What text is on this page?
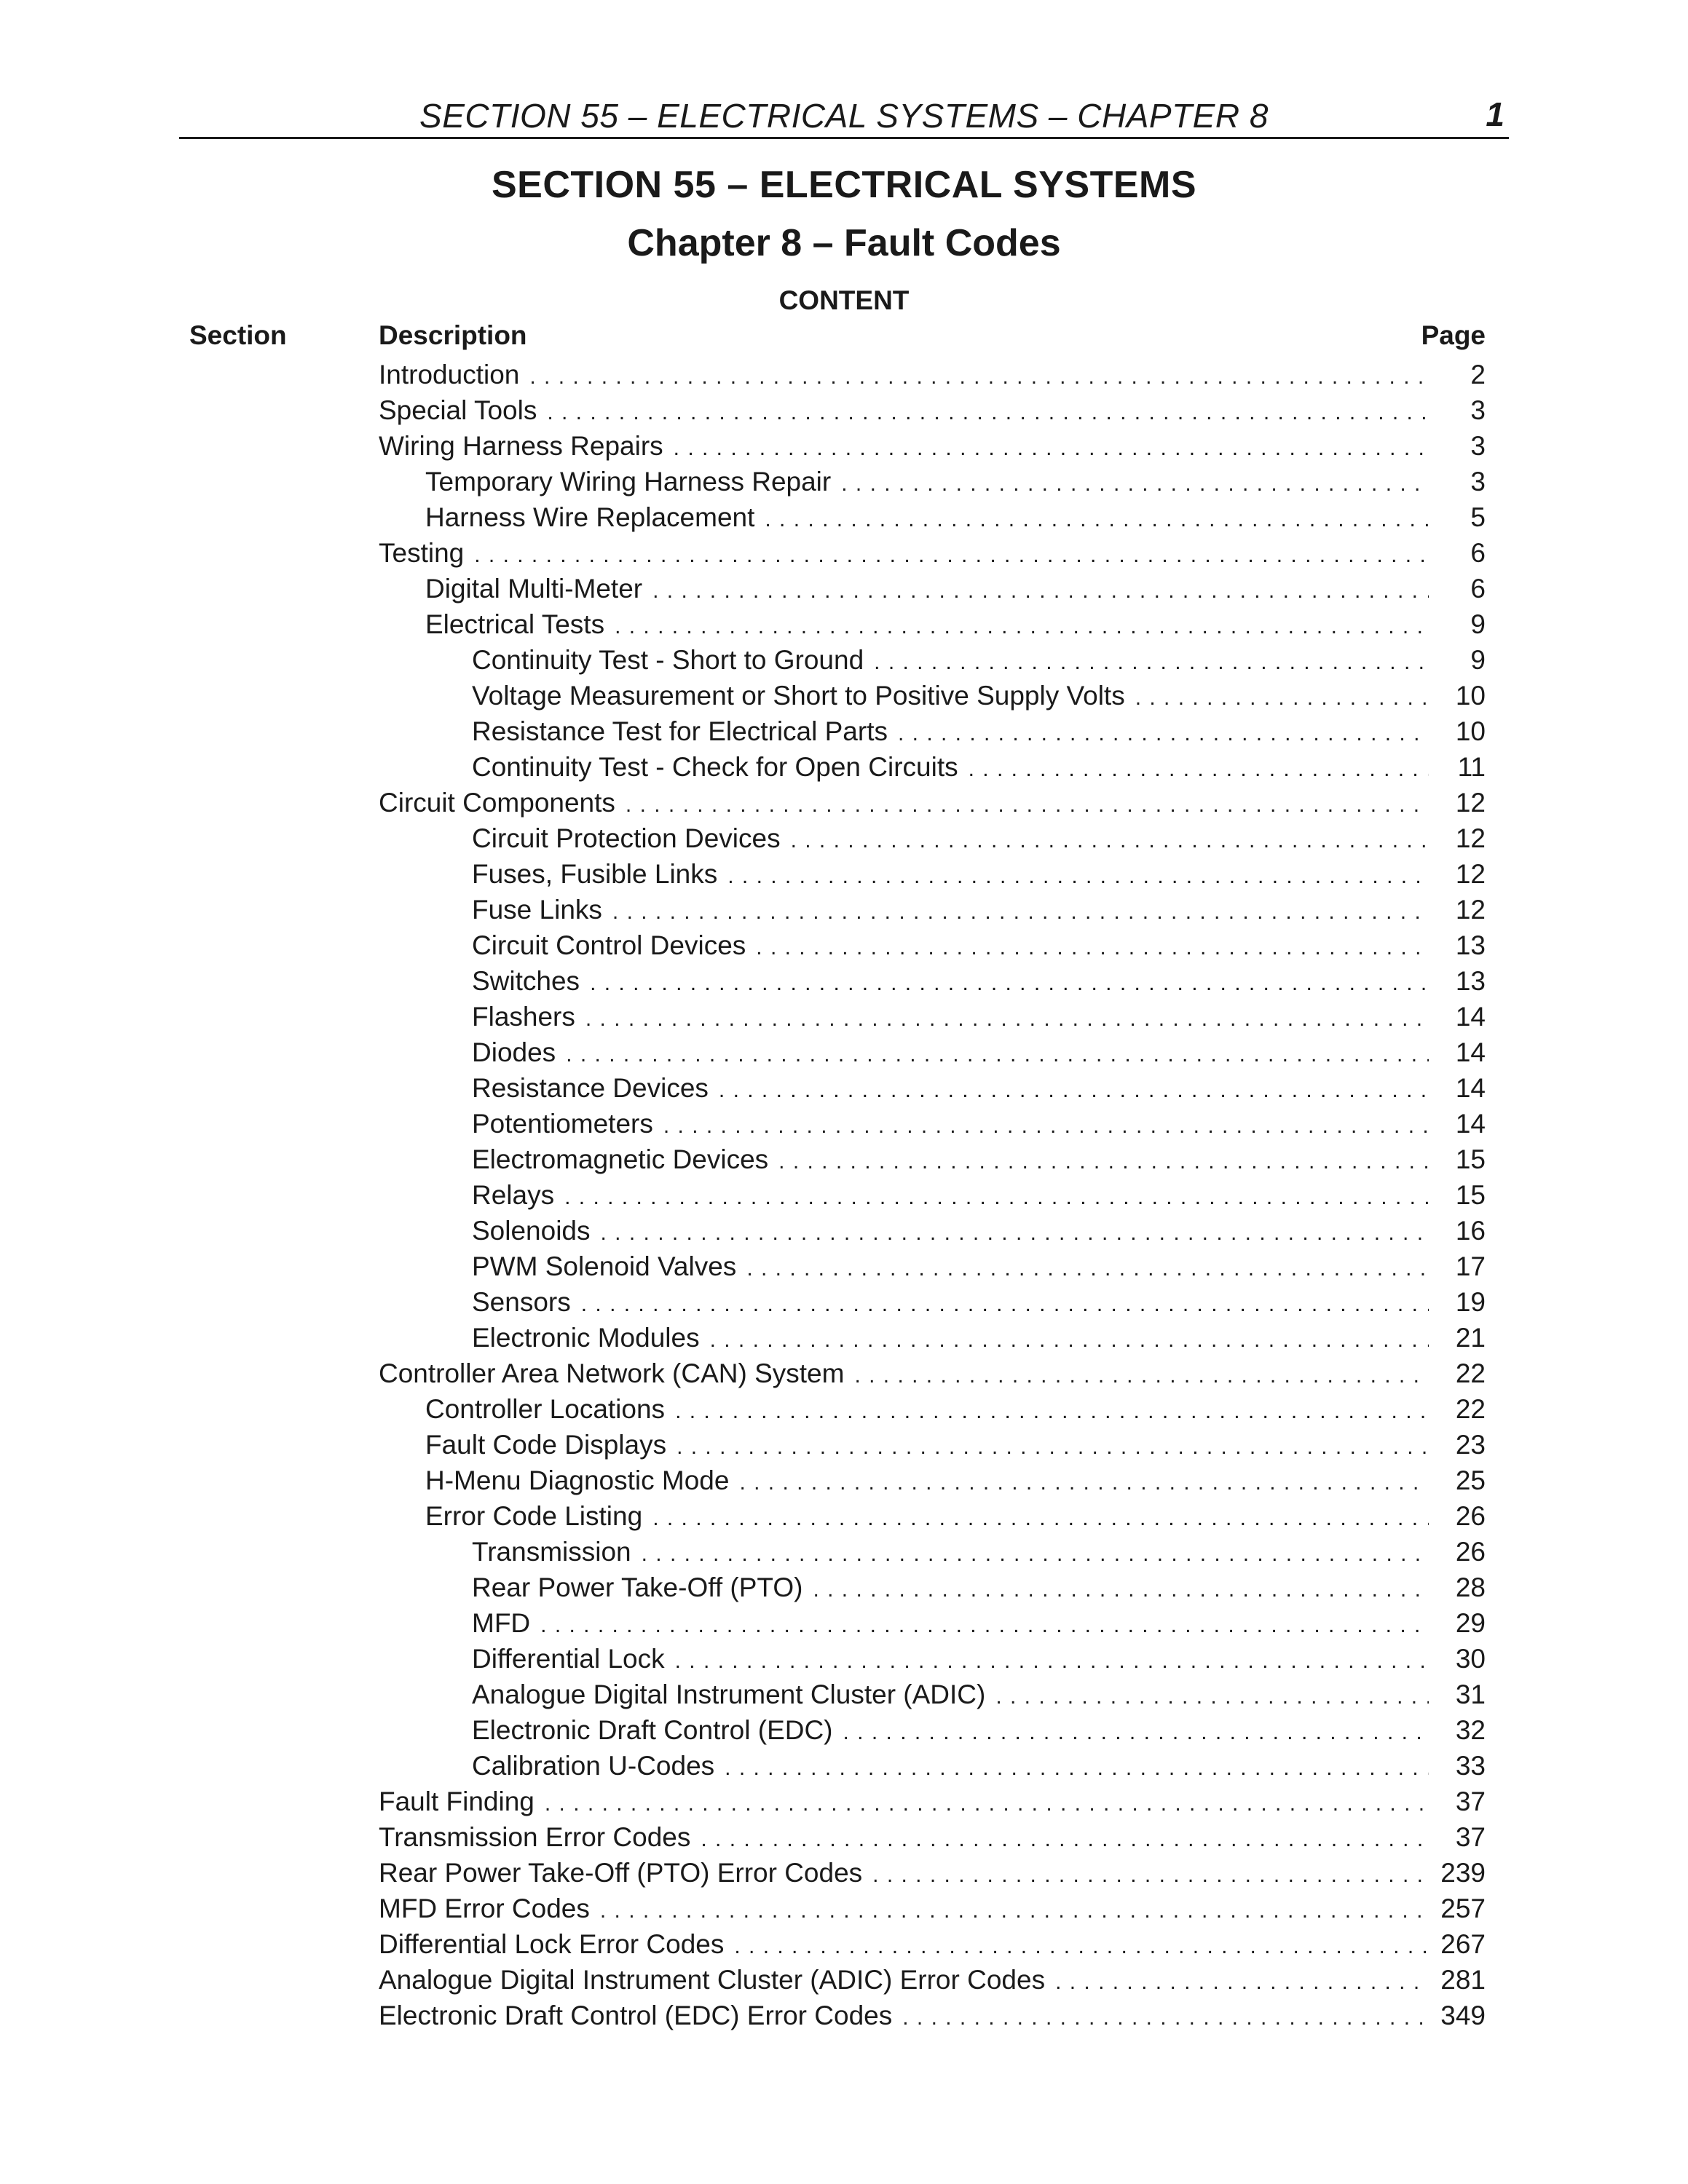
SECTION 55 – ELECTRICAL SYSTEMS – CHAPTER 8	1
SECTION 55 – ELECTRICAL SYSTEMS
Chapter 8 – Fault Codes
CONTENT
Section	Description	Page
Introduction . . .	2
Special Tools . . .	3
Wiring Harness Repairs . . .	3
Temporary Wiring Harness Repair . . .	3
Harness Wire Replacement . . .	5
Testing . . .	6
Digital Multi-Meter . . .	6
Electrical Tests . . .	9
Continuity Test - Short to Ground . . .	9
Voltage Measurement or Short to Positive Supply Volts . . .	10
Resistance Test for Electrical Parts . . .	10
Continuity Test - Check for Open Circuits . . .	11
Circuit Components . . .	12
Circuit Protection Devices . . .	12
Fuses, Fusible Links . . .	12
Fuse Links . . .	12
Circuit Control Devices . . .	13
Switches . . .	13
Flashers . . .	14
Diodes . . .	14
Resistance Devices . . .	14
Potentiometers . . .	14
Electromagnetic Devices . . .	15
Relays . . .	15
Solenoids . . .	16
PWM Solenoid Valves . . .	17
Sensors . . .	19
Electronic Modules . . .	21
Controller Area Network (CAN) System . . .	22
Controller Locations . . .	22
Fault Code Displays . . .	23
H-Menu Diagnostic Mode . . .	25
Error Code Listing . . .	26
Transmission . . .	26
Rear Power Take-Off (PTO) . . .	28
MFD . . .	29
Differential Lock . . .	30
Analogue Digital Instrument Cluster (ADIC) . . .	31
Electronic Draft Control (EDC) . . .	32
Calibration U-Codes . . .	33
Fault Finding . . .	37
Transmission Error Codes . . .	37
Rear Power Take-Off (PTO) Error Codes . . .	239
MFD Error Codes . . .	257
Differential Lock Error Codes . . .	267
Analogue Digital Instrument Cluster (ADIC) Error Codes . . .	281
Electronic Draft Control (EDC) Error Codes . . .	349
